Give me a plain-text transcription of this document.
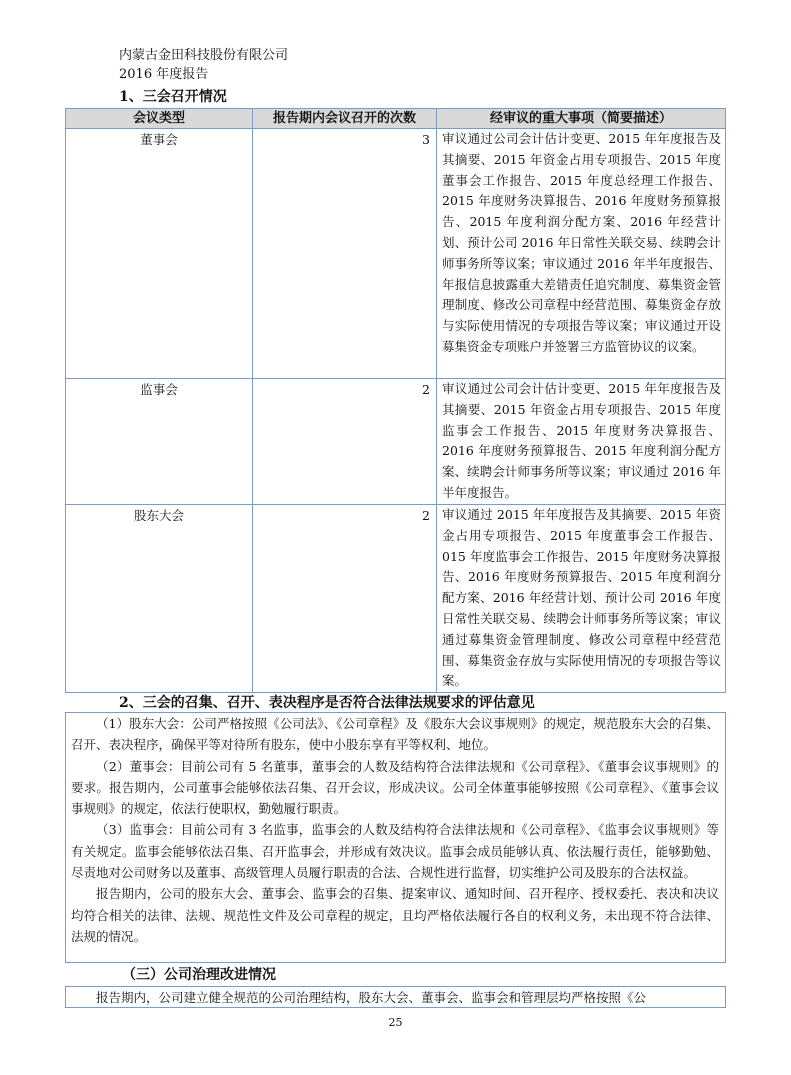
内蒙古金田科技股份有限公司
2016 年度报告
1、三会召开情况
会议类型	报告期内会议召开的次数	经审议的重大事项（简要描述）
董事会	3	审议通过公司会计估计变更、2015 年年度报告及其摘要、2015 年资金占用专项报告、2015 年度董事会工作报告、2015 年度总经理工作报告、2015 年度财务决算报告、2016 年度财务预算报告、2015 年度利润分配方案、2016 年经营计划、预计公司 2016 年日常性关联交易、续聘会计师事务所等议案；审议通过 2016 年半年度报告、年报信息披露重大差错责任追究制度、募集资金管理制度、修改公司章程中经营范围、募集资金存放与实际使用情况的专项报告等议案；审议通过开设募集资金专项账户并签署三方监管协议的议案。
监事会	2	审议通过公司会计估计变更、2015 年年度报告及其摘要、2015 年资金占用专项报告、2015 年度监事会工作报告、2015 年度财务决算报告、2016 年度财务预算报告、2015 年度利润分配方案、续聘会计师事务所等议案；审议通过 2016 年半年度报告。
股东大会	2	审议通过 2015 年年度报告及其摘要、2015 年资金占用专项报告、2015 年度董事会工作报告、015 年度监事会工作报告、2015 年度财务决算报告、2016 年度财务预算报告、2015 年度利润分配方案、2016 年经营计划、预计公司 2016 年度日常性关联交易、续聘会计师事务所等议案；审议通过募集资金管理制度、修改公司章程中经营范围、募集资金存放与实际使用情况的专项报告等议案。
2、三会的召集、召开、表决程序是否符合法律法规要求的评估意见

（1）股东大会：公司严格按照《公司法》、《公司章程》及《股东大会议事规则》的规定，规范股东大会的召集、召开、表决程序，确保平等对待所有股东，使中小股东享有平等权利、地位。

（2）董事会：目前公司有 5 名董事，董事会的人数及结构符合法律法规和《公司章程》、《董事会议事规则》的要求。报告期内，公司董事会能够依法召集、召开会议，形成决议。公司全体董事能够按照《公司章程》、《董事会议事规则》的规定，依法行使职权，勤勉履行职责。

（3）监事会：目前公司有 3 名监事，监事会的人数及结构符合法律法规和《公司章程》、《监事会议事规则》等有关规定。监事会能够依法召集、召开监事会，并形成有效决议。监事会成员能够认真、依法履行责任，能够勤勉、尽责地对公司财务以及董事、高级管理人员履行职责的合法、合规性进行监督，切实维护公司及股东的合法权益。

报告期内，公司的股东大会、董事会、监事会的召集、提案审议、通知时间、召开程序、授权委托、表决和决议均符合相关的法律、法规、规范性文件及公司章程的规定，且均严格依法履行各自的权利义务，未出现不符合法律、法规的情况。

（三）公司治理改进情况

报告期内，公司建立健全规范的公司治理结构，股东大会、董事会、监事会和管理层均严格按照《公

25
